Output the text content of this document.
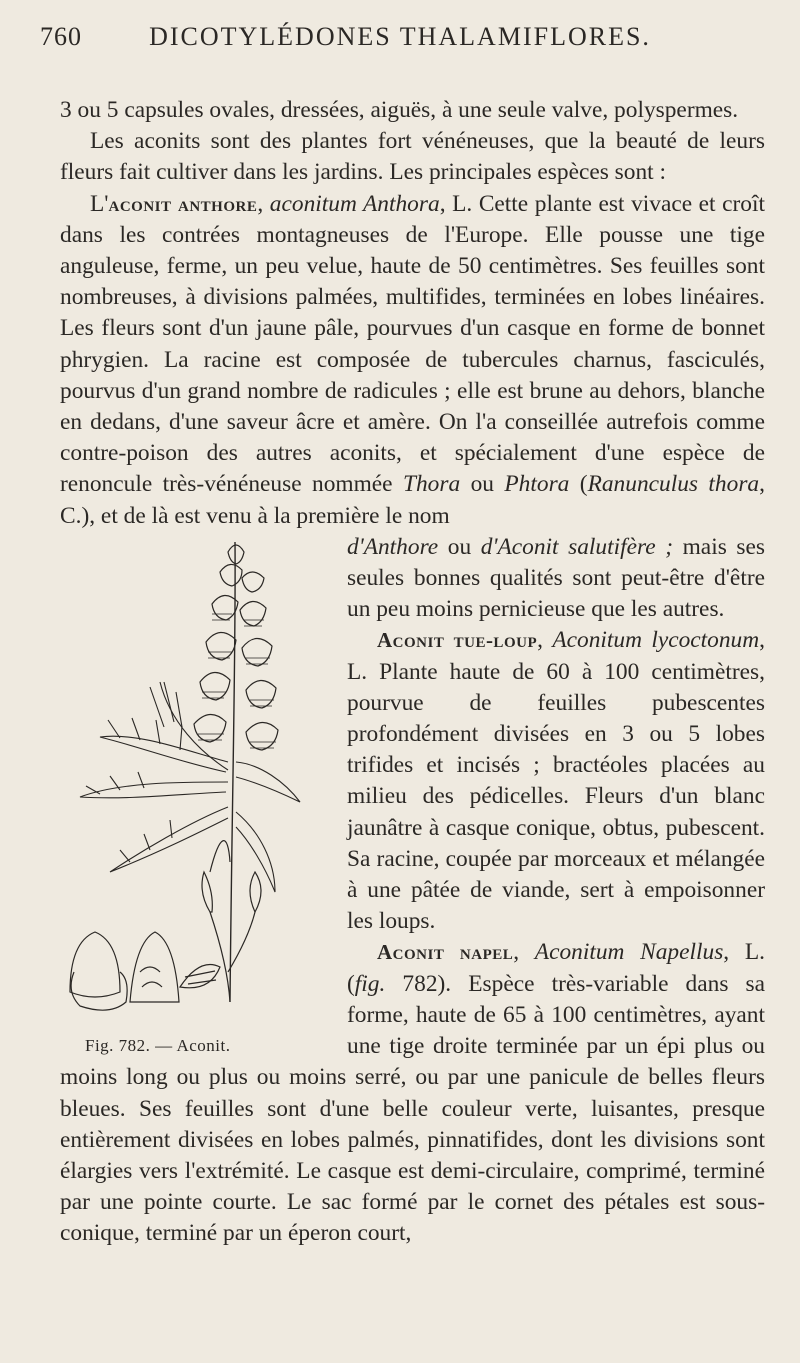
760	DICOTYLÉDONES THALAMIFLORES.

3 ou 5 capsules ovales, dressées, aiguës, à une seule valve, polyspermes.

Les aconits sont des plantes fort vénéneuses, que la beauté de leurs fleurs fait cultiver dans les jardins. Les principales espèces sont :

L'aconit anthore, aconitum Anthora, L. Cette plante est vivace et croît dans les contrées montagneuses de l'Europe. Elle pousse une tige anguleuse, ferme, un peu velue, haute de 50 centimètres. Ses feuilles sont nombreuses, à divisions palmées, multifides, terminées en lobes linéaires. Les fleurs sont d'un jaune pâle, pourvues d'un casque en forme de bonnet phrygien. La racine est composée de tubercules charnus, fasciculés, pourvus d'un grand nombre de radicules ; elle est brune au dehors, blanche en dedans, d'une saveur âcre et amère. On l'a conseillée autrefois comme contre-poison des autres aconits, et spécialement d'une espèce de renoncule très-vénéneuse nommée Thora ou Phtora (Ranunculus thora, C.), et de là est venu à la première le nom

Fig. 782. — Aconit.
d'Anthore ou d'Aconit salutifère ; mais ses seules bonnes qualités sont peut-être d'être un peu moins pernicieuse que les autres.

Aconit tue-loup, Aconitum lycoctonum, L. Plante haute de 60 à 100 centimètres, pourvue de feuilles pubescentes profondément divisées en 3 ou 5 lobes trifides et incisés ; bractéoles placées au milieu des pédicelles. Fleurs d'un blanc jaunâtre à casque conique, obtus, pubescent. Sa racine, coupée par morceaux et mélangée à une pâtée de viande, sert à empoisonner les loups.

Aconit napel, Aconitum Napellus, L. (fig. 782). Espèce très-variable dans sa forme, haute de 65 à 100 centimètres, ayant une tige droite terminée par un épi plus ou moins long ou plus ou moins serré, ou par une panicule de belles fleurs bleues. Ses feuilles sont d'une belle couleur verte, luisantes, presque entièrement divisées en lobes palmés, pinnatifides, dont les divisions sont élargies vers l'extrémité. Le casque est demi-circulaire, comprimé, terminé par une pointe courte. Le sac formé par le cornet des pétales est sous-conique, terminé par un éperon court,
